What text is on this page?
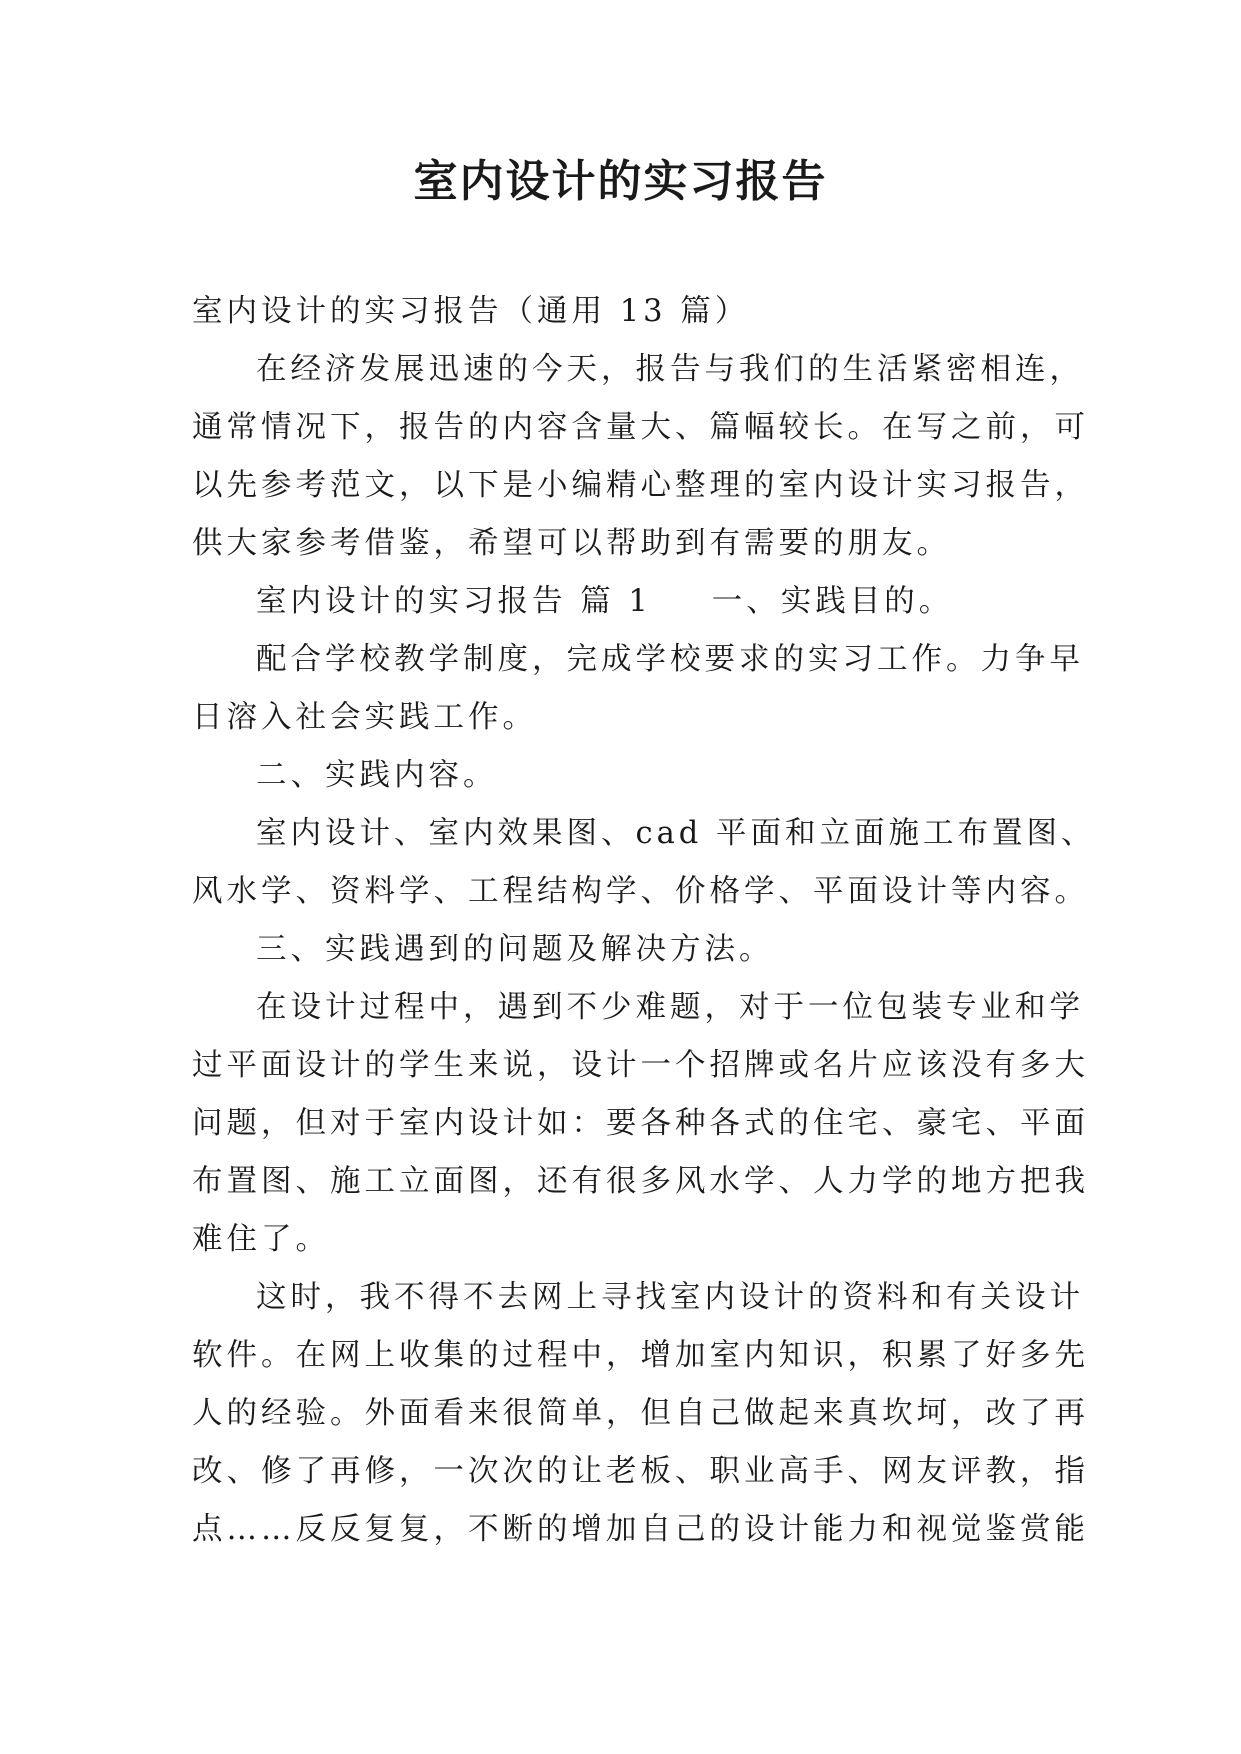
室内设计的实习报告
室内设计的实习报告（通用 13 篇）
在经济发展迅速的今天，报告与我们的生活紧密相连，
通常情况下，报告的内容含量大、篇幅较长。在写之前，可
以先参考范文，以下是小编精心整理的室内设计实习报告，
供大家参考借鉴，希望可以帮助到有需要的朋友。
室内设计的实习报告 篇 1 一、实践目的。
配合学校教学制度，完成学校要求的实习工作。力争早
日溶入社会实践工作。
二、实践内容。
室内设计、室内效果图、cad 平面和立面施工布置图、
风水学、资料学、工程结构学、价格学、平面设计等内容。
三、实践遇到的问题及解决方法。
在设计过程中，遇到不少难题，对于一位包装专业和学
过平面设计的学生来说，设计一个招牌或名片应该没有多大
问题，但对于室内设计如：要各种各式的住宅、豪宅、平面
布置图、施工立面图，还有很多风水学、人力学的地方把我
难住了。
这时，我不得不去网上寻找室内设计的资料和有关设计
软件。在网上收集的过程中，增加室内知识，积累了好多先
人的经验。外面看来很简单，但自己做起来真坎坷，改了再
改、修了再修，一次次的让老板、职业高手、网友评教，指
点……反反复复，不断的增加自己的设计能力和视觉鉴赏能
